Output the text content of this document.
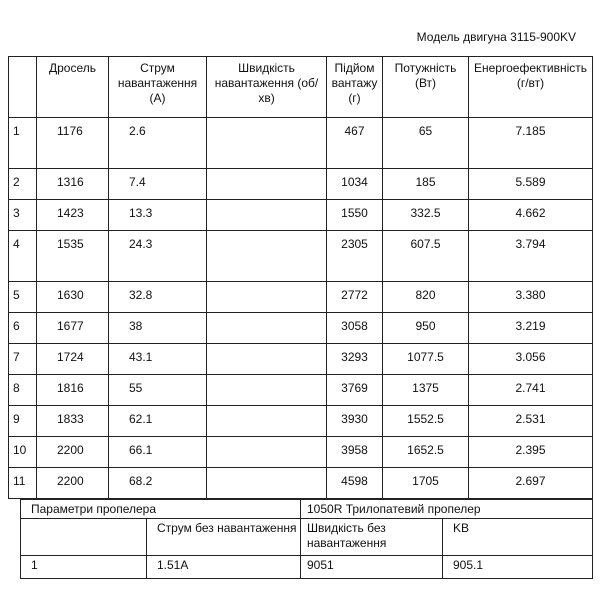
Модель двигуна 3115-900KV
	Дросель	Струм навантаження (А)	Швидкість навантаження (об/хв)	Підйом вантажу (г)	Потужність (Вт)	Енергоефективність (г/вт)
1	1176	2.6		467	65	7.185
2	1316	7.4		1034	185	5.589
3	1423	13.3		1550	332.5	4.662
4	1535	24.3		2305	607.5	3.794
5	1630	32.8		2772	820	3.380
6	1677	38		3058	950	3.219
7	1724	43.1		3293	1077.5	3.056
8	1816	55		3769	1375	2.741
9	1833	62.1		3930	1552.5	2.531
10	2200	66.1		3958	1652.5	2.395
11	2200	68.2		4598	1705	2.697
Параметри пропелера		1050R Трилопатевий пропелер	
	Струм без навантаження	Швидкість без навантаження	KB
1	1.51A	9051	905.1
